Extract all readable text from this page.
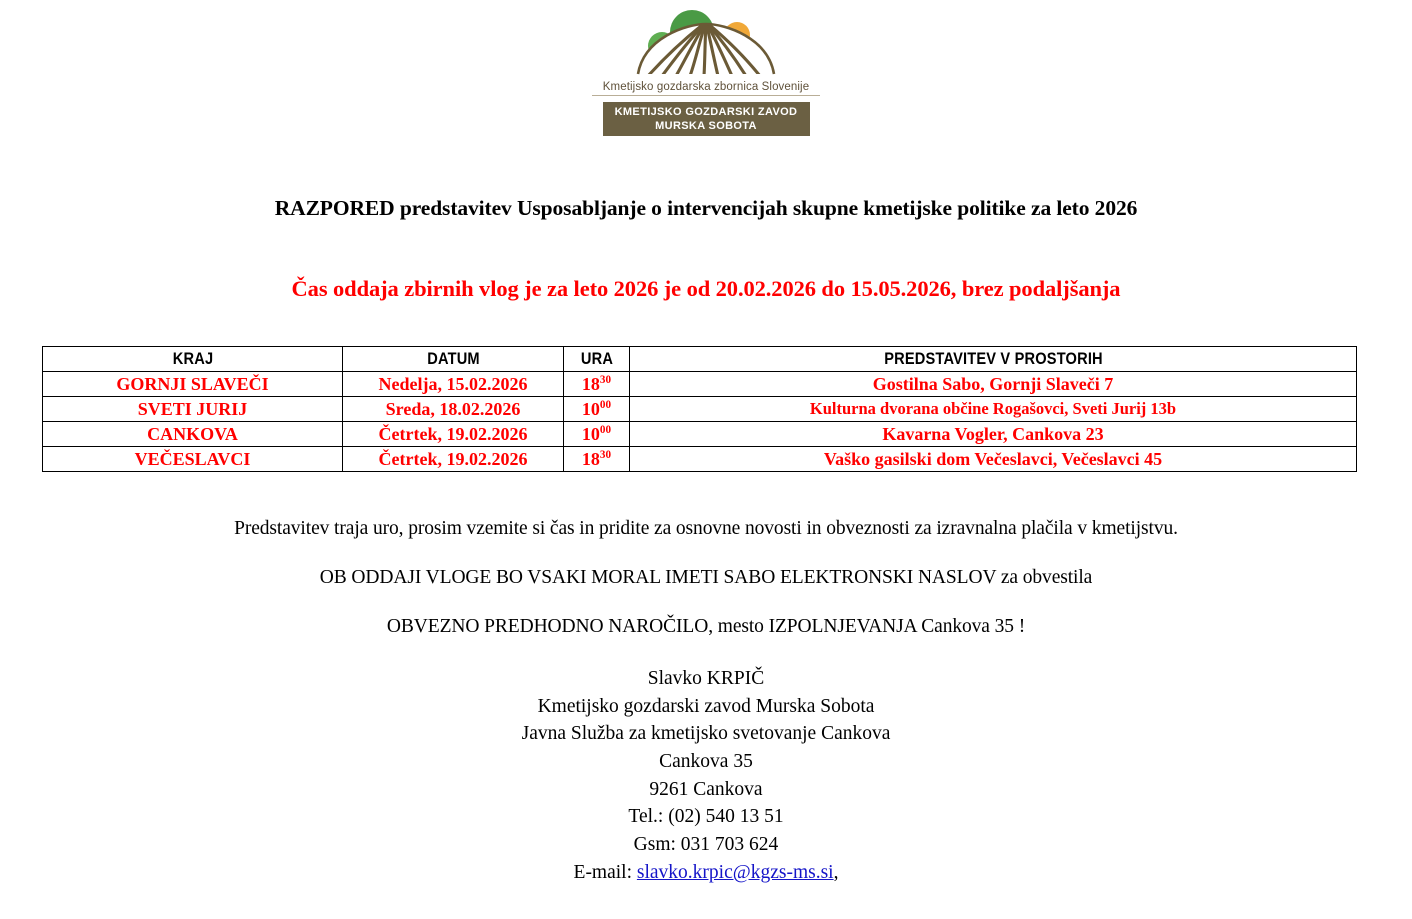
Kmetijsko gozdarska zbornica Slovenije
KMETIJSKO GOZDARSKI ZAVOD
MURSKA SOBOTA
RAZPORED predstavitev Usposabljanje o intervencijah skupne kmetijske politike za leto 2026
Čas oddaja zbirnih vlog je za leto 2026 je od 20.02.2026 do 15.05.2026, brez podaljšanja
KRAJ	DATUM	URA	PREDSTAVITEV V PROSTORIH
GORNJI SLAVEČI	Nedelja, 15.02.2026	$18^{30}$	Gostilna Sabo, Gornji Slaveči 7
SVETI JURIJ	Sreda, 18.02.2026	$10^{00}$	Kulturna dvorana občine Rogašovci, Sveti Jurij 13b
CANKOVA	Četrtek, 19.02.2026	$10^{00}$	Kavarna Vogler, Cankova 23
VEČESLAVCI	Četrtek, 19.02.2026	$18^{30}$	Vaško gasilski dom Večeslavci, Večeslavci 45

Predstavitev traja uro, prosim vzemite si čas in pridite za osnovne novosti in obveznosti za izravnalna plačila v kmetijstvu.

OB ODDAJI VLOGE BO VSAKI MORAL IMETI SABO ELEKTRONSKI NASLOV za obvestila

OBVEZNO PREDHODNO NAROČILO, mesto IZPOLNJEVANJA Cankova 35 !

Slavko KRPIČ
Kmetijsko gozdarski zavod Murska Sobota
Javna Služba za kmetijsko svetovanje Cankova
Cankova 35
9261 Cankova
Tel.: (02) 540 13 51
Gsm: 031 703 624
E-mail: slavko.krpic@kgzs-ms.si,
